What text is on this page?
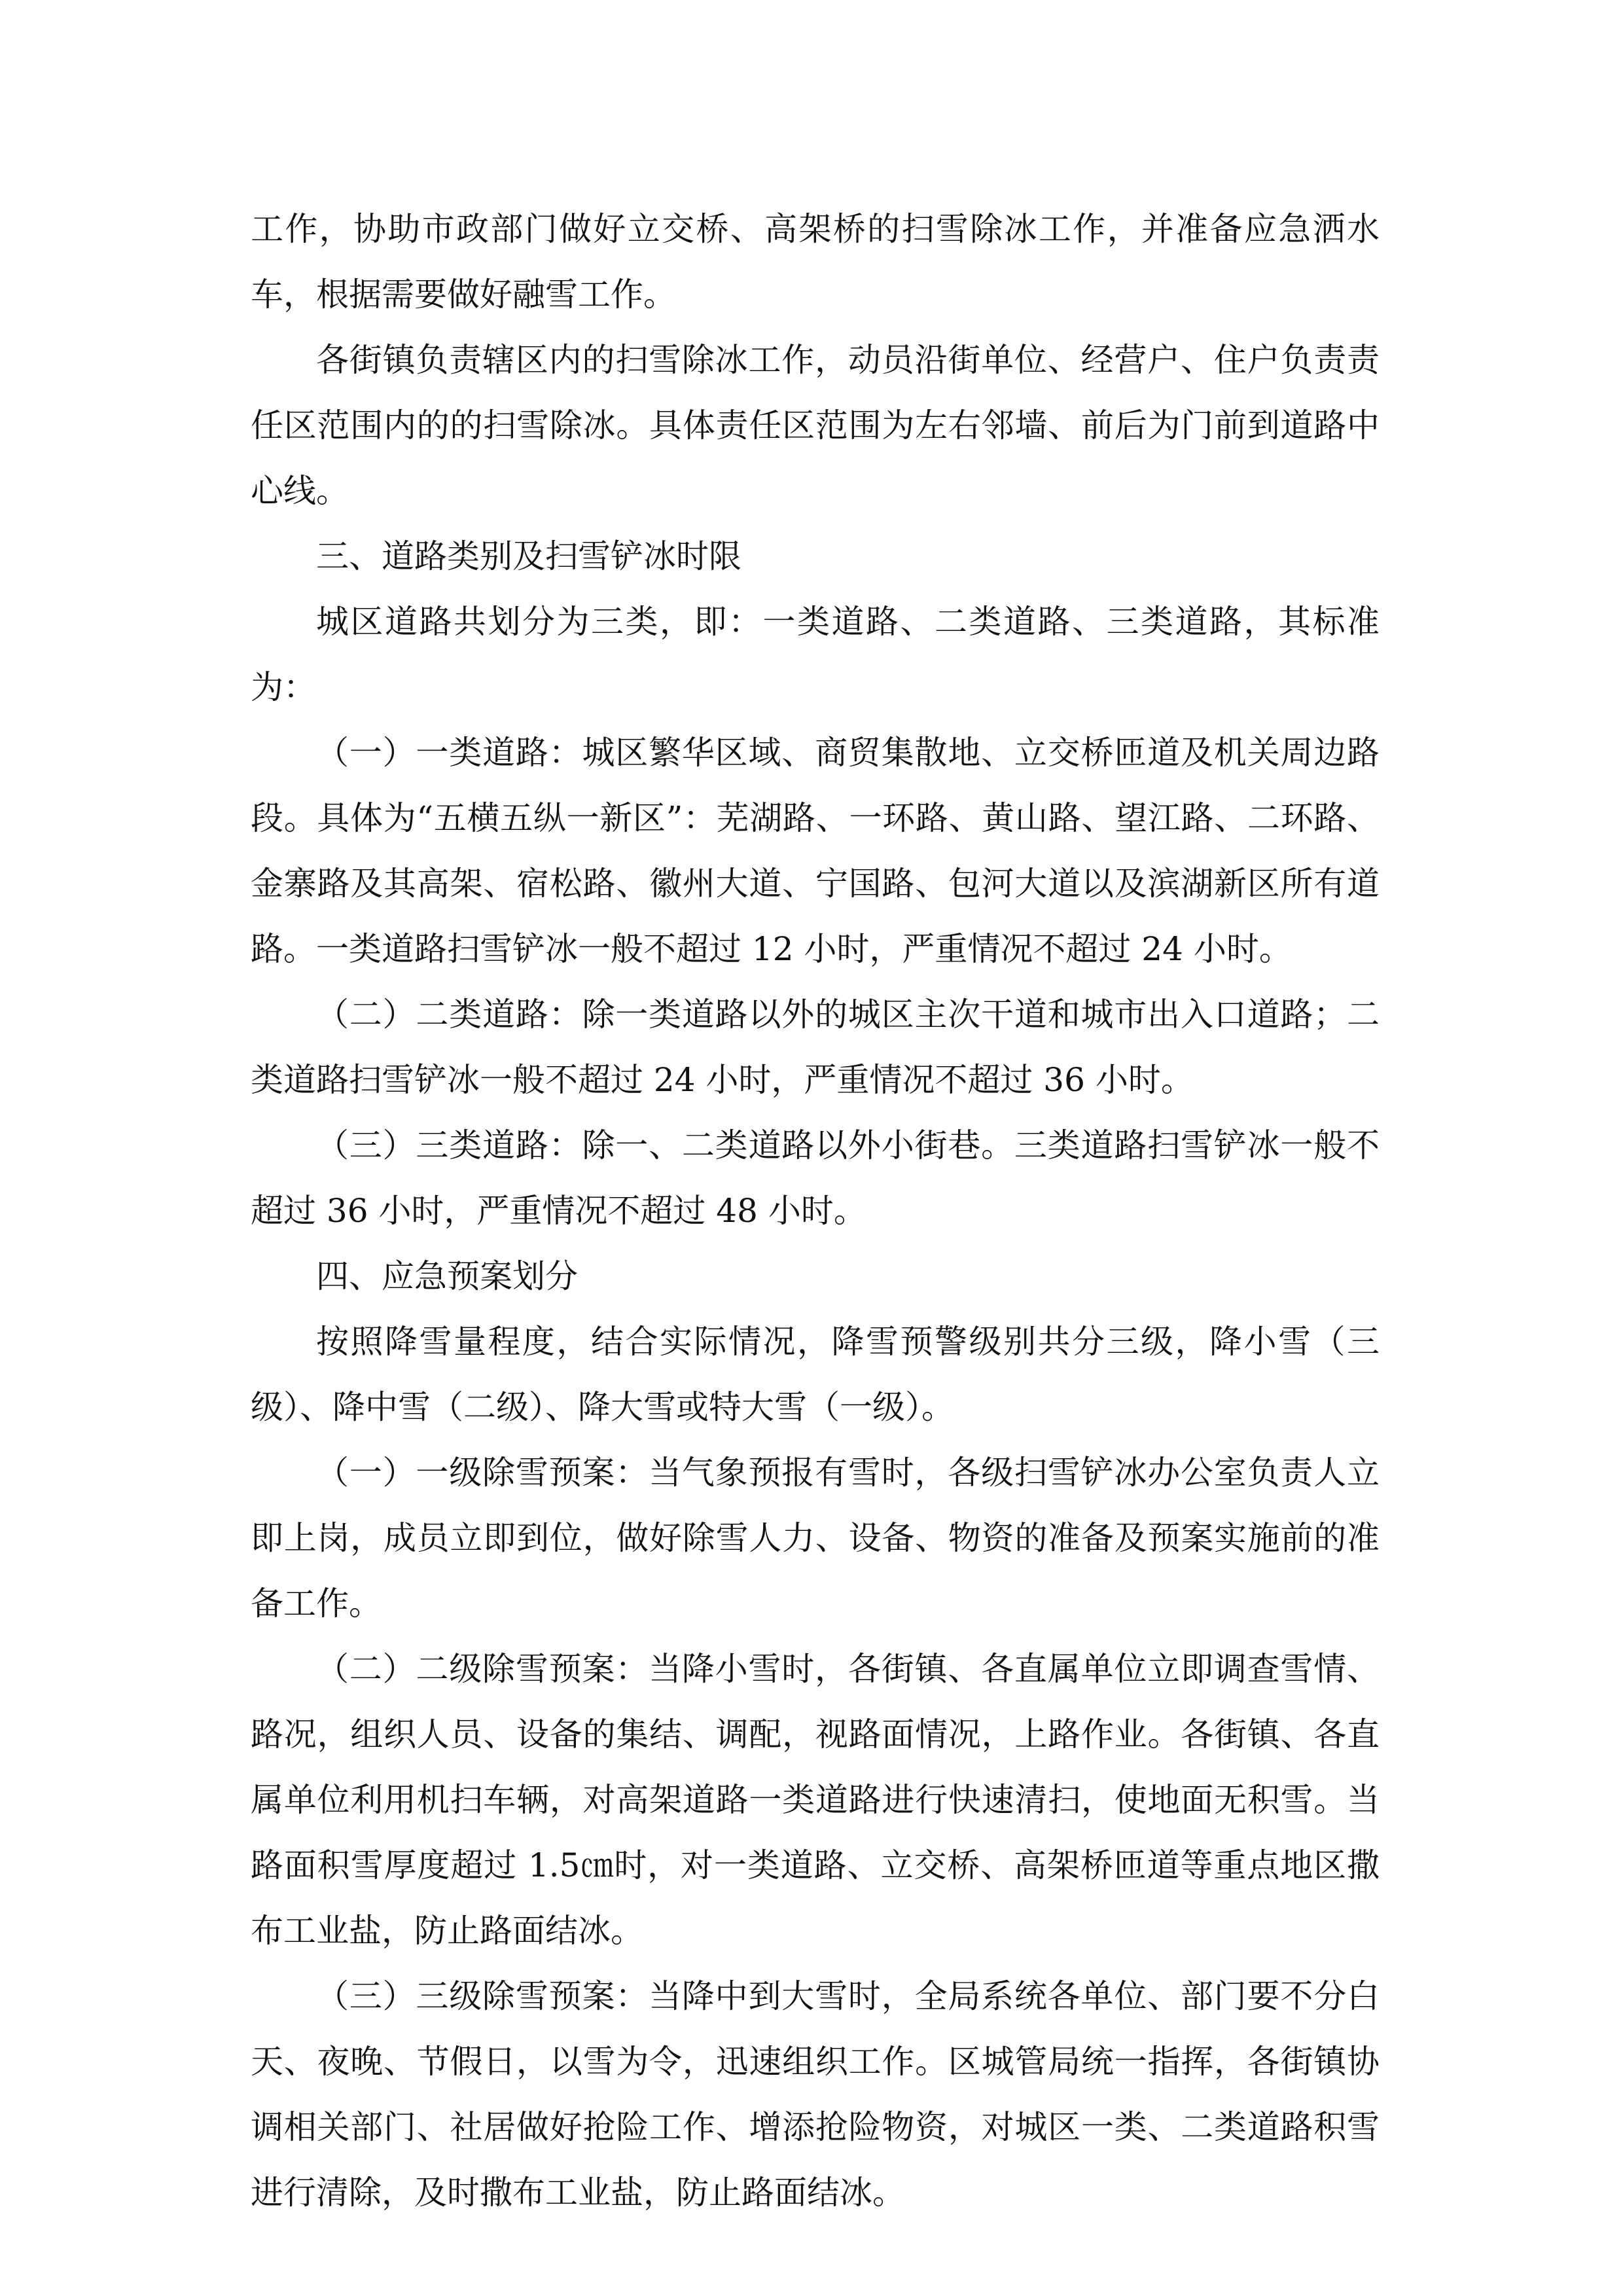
工作，协助市政部门做好立交桥、高架桥的扫雪除冰工作，并准备应急洒水车，根据需要做好融雪工作。

各街镇负责辖区内的扫雪除冰工作，动员沿街单位、经营户、住户负责责任区范围内的的扫雪除冰。具体责任区范围为左右邻墙、前后为门前到道路中心线。

三、道路类别及扫雪铲冰时限

城区道路共划分为三类，即：一类道路、二类道路、三类道路，其标准为：

（一）一类道路：城区繁华区域、商贸集散地、立交桥匝道及机关周边路段。具体为“五横五纵一新区”：芜湖路、一环路、黄山路、望江路、二环路、金寨路及其高架、宿松路、徽州大道、宁国路、包河大道以及滨湖新区所有道路。一类道路扫雪铲冰一般不超过 12 小时，严重情况不超过 24 小时。

（二）二类道路：除一类道路以外的城区主次干道和城市出入口道路；二类道路扫雪铲冰一般不超过 24 小时，严重情况不超过 36 小时。

（三）三类道路：除一、二类道路以外小街巷。三类道路扫雪铲冰一般不超过 36 小时，严重情况不超过 48 小时。

四、应急预案划分

按照降雪量程度，结合实际情况，降雪预警级别共分三级，降小雪（三级）、降中雪（二级）、降大雪或特大雪（一级）。

（一）一级除雪预案：当气象预报有雪时，各级扫雪铲冰办公室负责人立即上岗，成员立即到位，做好除雪人力、设备、物资的准备及预案实施前的准备工作。

（二）二级除雪预案：当降小雪时，各街镇、各直属单位立即调查雪情、路况，组织人员、设备的集结、调配，视路面情况，上路作业。各街镇、各直属单位利用机扫车辆，对高架道路一类道路进行快速清扫，使地面无积雪。当路面积雪厚度超过 1.5㎝时，对一类道路、立交桥、高架桥匝道等重点地区撒布工业盐，防止路面结冰。

（三）三级除雪预案：当降中到大雪时，全局系统各单位、部门要不分白天、夜晚、节假日，以雪为令，迅速组织工作。区城管局统一指挥，各街镇协调相关部门、社居做好抢险工作、增添抢险物资，对城区一类、二类道路积雪进行清除，及时撒布工业盐，防止路面结冰。
